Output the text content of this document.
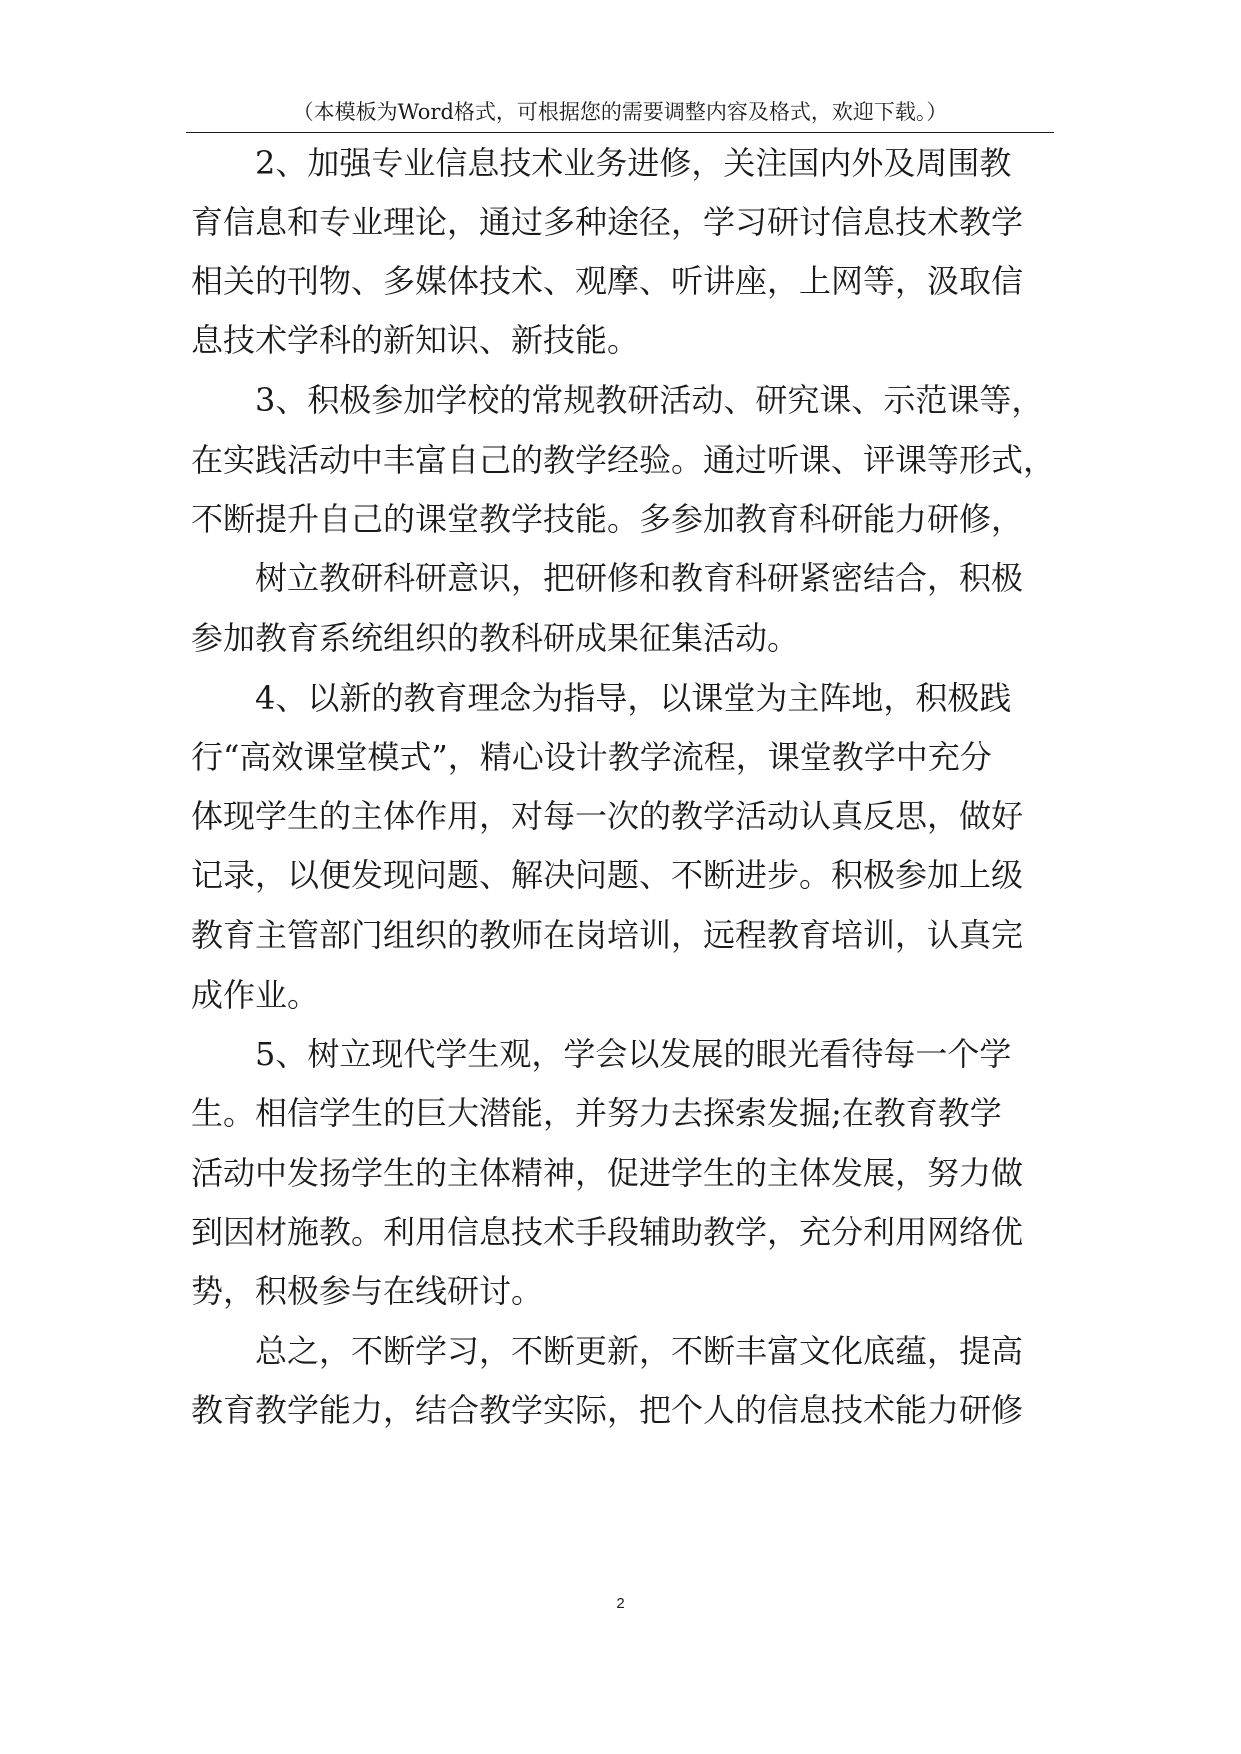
（本模板为Word格式，可根据您的需要调整内容及格式，欢迎下载。）
2、加强专业信息技术业务进修，关注国内外及周围教
育信息和专业理论，通过多种途径，学习研讨信息技术教学
相关的刊物、多媒体技术、观摩、听讲座，上网等，汲取信
息技术学科的新知识、新技能。
3、积极参加学校的常规教研活动、研究课、示范课等，
在实践活动中丰富自己的教学经验。通过听课、评课等形式，
不断提升自己的课堂教学技能。多参加教育科研能力研修，
树立教研科研意识，把研修和教育科研紧密结合，积极
参加教育系统组织的教科研成果征集活动。
4、以新的教育理念为指导，以课堂为主阵地，积极践
行“高效课堂模式”，精心设计教学流程，课堂教学中充分
体现学生的主体作用，对每一次的教学活动认真反思，做好
记录，以便发现问题、解决问题、不断进步。积极参加上级
教育主管部门组织的教师在岗培训，远程教育培训，认真完
成作业。
5、树立现代学生观，学会以发展的眼光看待每一个学
生。相信学生的巨大潜能，并努力去探索发掘;在教育教学
活动中发扬学生的主体精神，促进学生的主体发展，努力做
到因材施教。利用信息技术手段辅助教学，充分利用网络优
势，积极参与在线研讨。
总之，不断学习，不断更新，不断丰富文化底蕴，提高
教育教学能力，结合教学实际，把个人的信息技术能力研修
2
